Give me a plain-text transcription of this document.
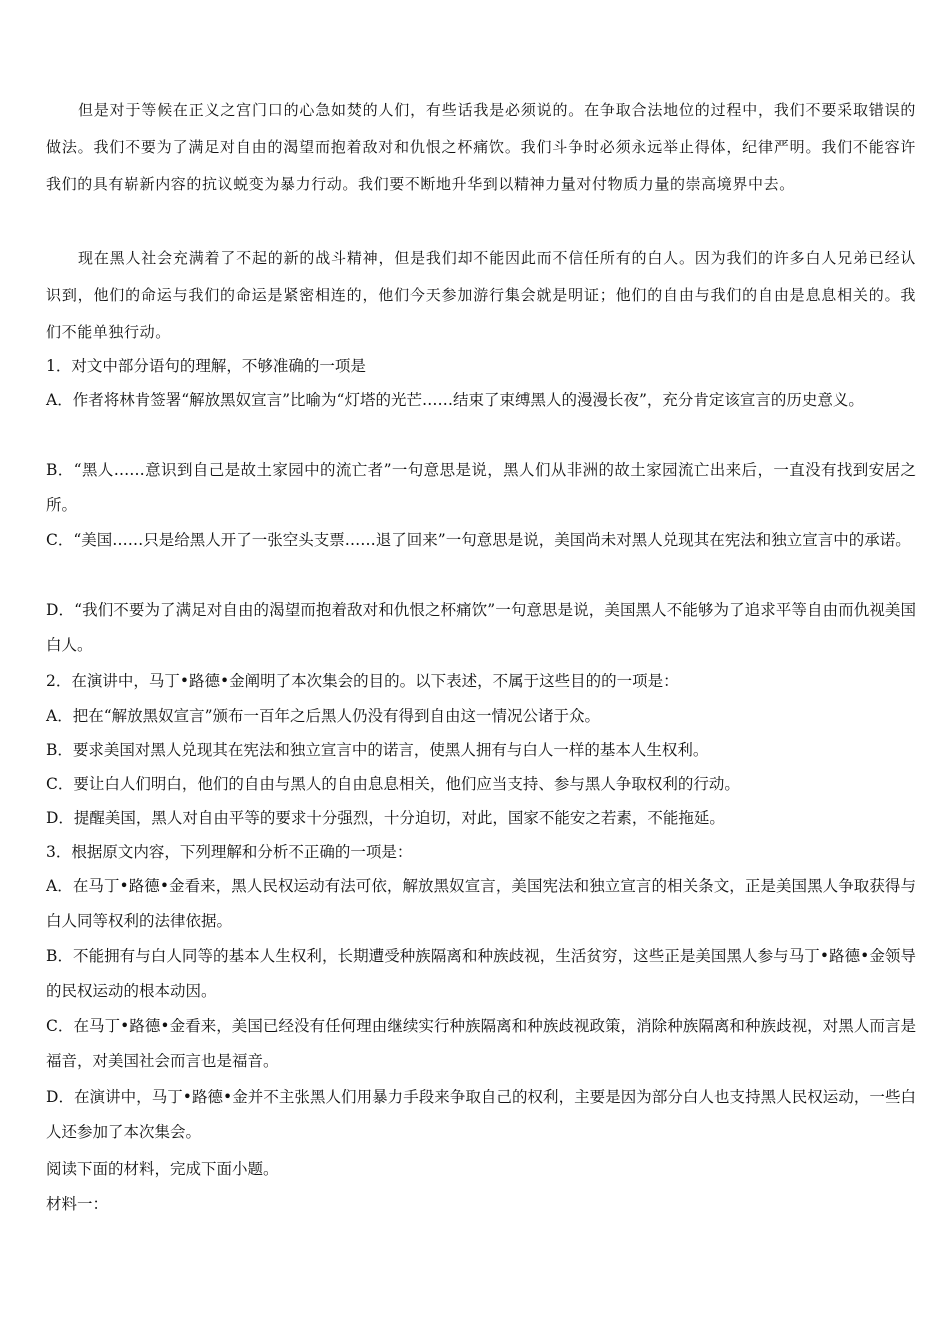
但是对于等候在正义之宫门口的心急如焚的人们，有些话我是必须说的。在争取合法地位的过程中，我们不要采取错误的做法。我们不要为了满足对自由的渴望而抱着敌对和仇恨之杯痛饮。我们斗争时必须永远举止得体，纪律严明。我们不能容许我们的具有崭新内容的抗议蜕变为暴力行动。我们要不断地升华到以精神力量对付物质力量的崇高境界中去。

现在黑人社会充满着了不起的新的战斗精神，但是我们却不能因此而不信任所有的白人。因为我们的许多白人兄弟已经认识到，他们的命运与我们的命运是紧密相连的，他们今天参加游行集会就是明证；他们的自由与我们的自由是息息相关的。我们不能单独行动。

1．对文中部分语句的理解，不够准确的一项是

A．作者将林肯签署“解放黑奴宣言”比喻为“灯塔的光芒……结束了束缚黑人的漫漫长夜”，充分肯定该宣言的历史意义。

B．“黑人……意识到自己是故土家园中的流亡者”一句意思是说，黑人们从非洲的故土家园流亡出来后，一直没有找到安居之所。

C．“美国……只是给黑人开了一张空头支票……退了回来”一句意思是说，美国尚未对黑人兑现其在宪法和独立宣言中的承诺。

D．“我们不要为了满足对自由的渴望而抱着敌对和仇恨之杯痛饮”一句意思是说，美国黑人不能够为了追求平等自由而仇视美国白人。

2．在演讲中，马丁•路德•金阐明了本次集会的目的。以下表述，不属于这些目的的一项是：

A．把在“解放黑奴宣言”颁布一百年之后黑人仍没有得到自由这一情况公诸于众。

B．要求美国对黑人兑现其在宪法和独立宣言中的诺言，使黑人拥有与白人一样的基本人生权利。

C．要让白人们明白，他们的自由与黑人的自由息息相关，他们应当支持、参与黑人争取权利的行动。

D．提醒美国，黑人对自由平等的要求十分强烈，十分迫切，对此，国家不能安之若素，不能拖延。

3．根据原文内容，下列理解和分析不正确的一项是：

A．在马丁•路德•金看来，黑人民权运动有法可依，解放黑奴宣言，美国宪法和独立宣言的相关条文，正是美国黑人争取获得与白人同等权利的法律依据。

B．不能拥有与白人同等的基本人生权利，长期遭受种族隔离和种族歧视，生活贫穷，这些正是美国黑人参与马丁•路德•金领导的民权运动的根本动因。

C．在马丁•路德•金看来，美国已经没有任何理由继续实行种族隔离和种族歧视政策，消除种族隔离和种族歧视，对黑人而言是福音，对美国社会而言也是福音。

D．在演讲中，马丁•路德•金并不主张黑人们用暴力手段来争取自己的权利，主要是因为部分白人也支持黑人民权运动，一些白人还参加了本次集会。

阅读下面的材料，完成下面小题。

材料一：
